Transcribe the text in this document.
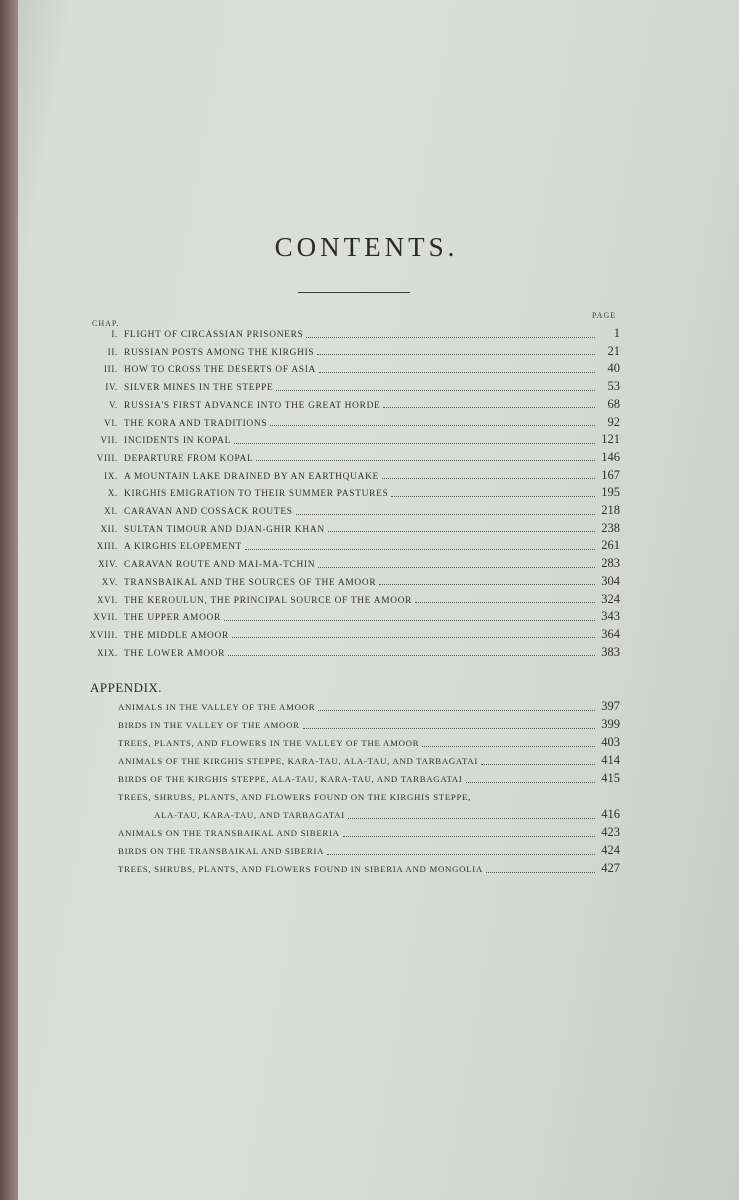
CONTENTS.
CHAP.
PAGE
I. FLIGHT OF CIRCASSIAN PRISONERS	1
II. RUSSIAN POSTS AMONG THE KIRGHIS	21
III. HOW TO CROSS THE DESERTS OF ASIA	40
IV. SILVER MINES IN THE STEPPE	53
V. RUSSIA'S FIRST ADVANCE INTO THE GREAT HORDE	68
VI. THE KORA AND TRADITIONS	92
VII. INCIDENTS IN KOPAL	121
VIII. DEPARTURE FROM KOPAL	146
IX. A MOUNTAIN LAKE DRAINED BY AN EARTHQUAKE	167
X. KIRGHIS EMIGRATION TO THEIR SUMMER PASTURES	195
XI. CARAVAN AND COSSACK ROUTES	218
XII. SULTAN TIMOUR AND DJAN-GHIR KHAN	238
XIII. A KIRGHIS ELOPEMENT	261
XIV. CARAVAN ROUTE AND MAI-MA-TCHIN	283
XV. TRANSBAIKAL AND THE SOURCES OF THE AMOOR	304
XVI. THE KEROULUN, THE PRINCIPAL SOURCE OF THE AMOOR	324
XVII. THE UPPER AMOOR	343
XVIII. THE MIDDLE AMOOR	364
XIX. THE LOWER AMOOR	383
APPENDIX.
ANIMALS IN THE VALLEY OF THE AMOOR	397
BIRDS IN THE VALLEY OF THE AMOOR	399
TREES, PLANTS, AND FLOWERS IN THE VALLEY OF THE AMOOR	403
ANIMALS OF THE KIRGHIS STEPPE, KARA-TAU, ALA-TAU, AND TARBAGATAI	414
BIRDS OF THE KIRGHIS STEPPE, ALA-TAU, KARA-TAU, AND TARBAGATAI	415
TREES, SHRUBS, PLANTS, AND FLOWERS FOUND ON THE KIRGHIS STEPPE,
ALA-TAU, KARA-TAU, AND TARBAGATAI	416
ANIMALS ON THE TRANSBAIKAL AND SIBERIA	423
BIRDS ON THE TRANSBAIKAL AND SIBERIA	424
TREES, SHRUBS, PLANTS, AND FLOWERS FOUND IN SIBERIA AND MONGOLIA	427
